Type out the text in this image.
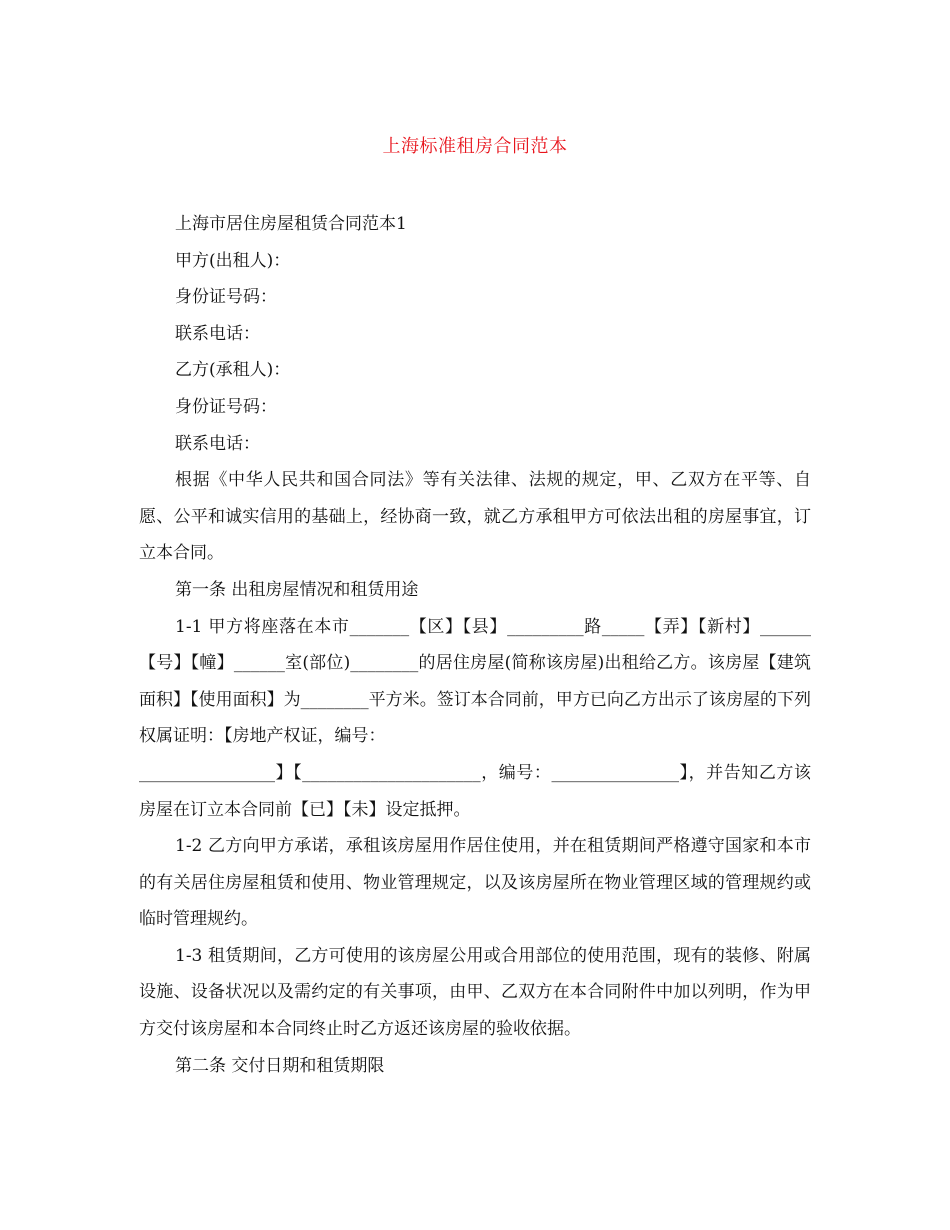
上海标准租房合同范本

上海市居住房屋租赁合同范本1

甲方(出租人)：

身份证号码：

联系电话：

乙方(承租人)：

身份证号码：

联系电话：

根据《中华人民共和国合同法》等有关法律、法规的规定，甲、乙双方在平等、自愿、公平和诚实信用的基础上，经协商一致，就乙方承租甲方可依法出租的房屋事宜，订立本合同。

第一条 出租房屋情况和租赁用途

1-1 甲方将座落在本市_______【区】【县】_________路_____【弄】【新村】______【号】【幢】______室(部位)________的居住房屋(简称该房屋)出租给乙方。该房屋【建筑面积】【使用面积】为________平方米。签订本合同前，甲方已向乙方出示了该房屋的下列权属证明：【房地产权证，编号：

________________】【_____________________，编号：_______________】，并告知乙方该房屋在订立本合同前【已】【未】设定抵押。

1-2 乙方向甲方承诺，承租该房屋用作居住使用，并在租赁期间严格遵守国家和本市的有关居住房屋租赁和使用、物业管理规定，以及该房屋所在物业管理区域的管理规约或临时管理规约。

1-3 租赁期间，乙方可使用的该房屋公用或合用部位的使用范围，现有的装修、附属设施、设备状况以及需约定的有关事项，由甲、乙双方在本合同附件中加以列明，作为甲方交付该房屋和本合同终止时乙方返还该房屋的验收依据。

第二条 交付日期和租赁期限
